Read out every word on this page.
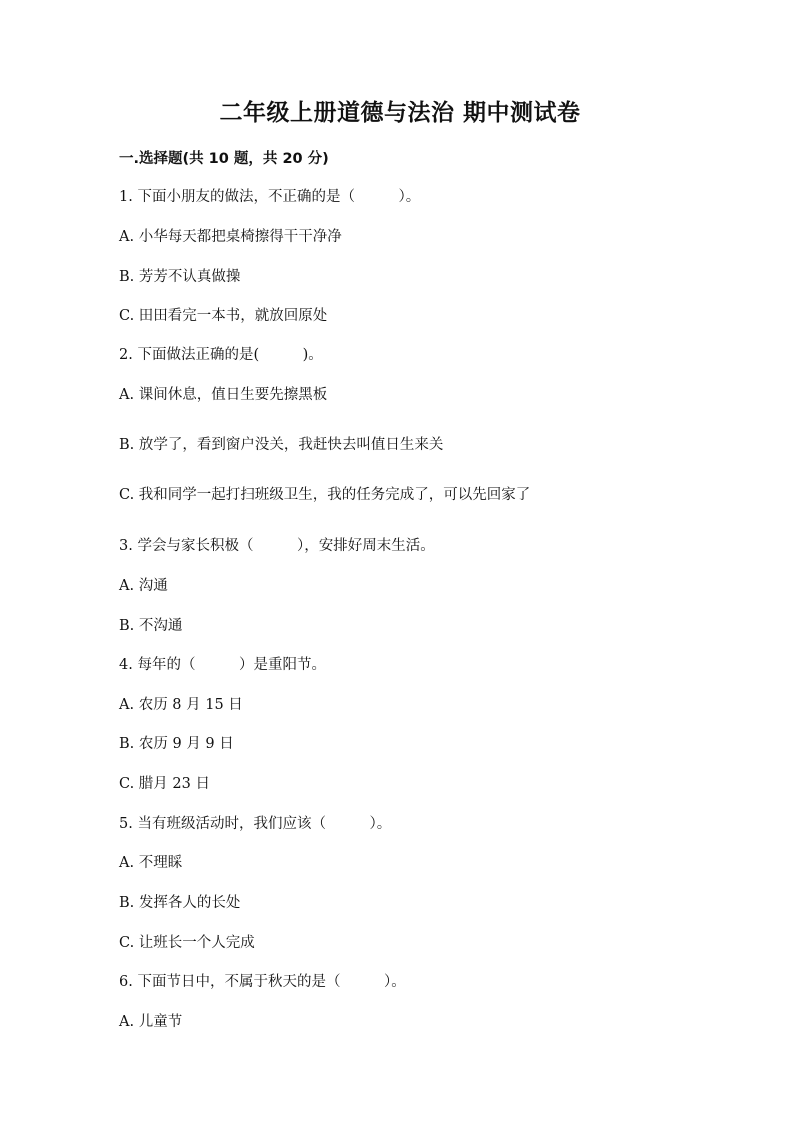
二年级上册道德与法治 期中测试卷
一.选择题(共 10 题，共 20 分)
1. 下面小朋友的做法，不正确的是（　　　）。
A. 小华每天都把桌椅擦得干干净净
B. 芳芳不认真做操
C. 田田看完一本书，就放回原处
2. 下面做法正确的是(　　　)。
A. 课间休息，值日生要先擦黑板
B. 放学了，看到窗户没关，我赶快去叫值日生来关
C. 我和同学一起打扫班级卫生，我的任务完成了，可以先回家了
3. 学会与家长积极（　　　），安排好周末生活。
A. 沟通
B. 不沟通
4. 每年的（　　　）是重阳节。
A. 农历 8 月 15 日
B. 农历 9 月 9 日
C. 腊月 23 日
5. 当有班级活动时，我们应该（　　　）。
A. 不理睬
B. 发挥各人的长处
C. 让班长一个人完成
6. 下面节日中，不属于秋天的是（　　　）。
A. 儿童节
